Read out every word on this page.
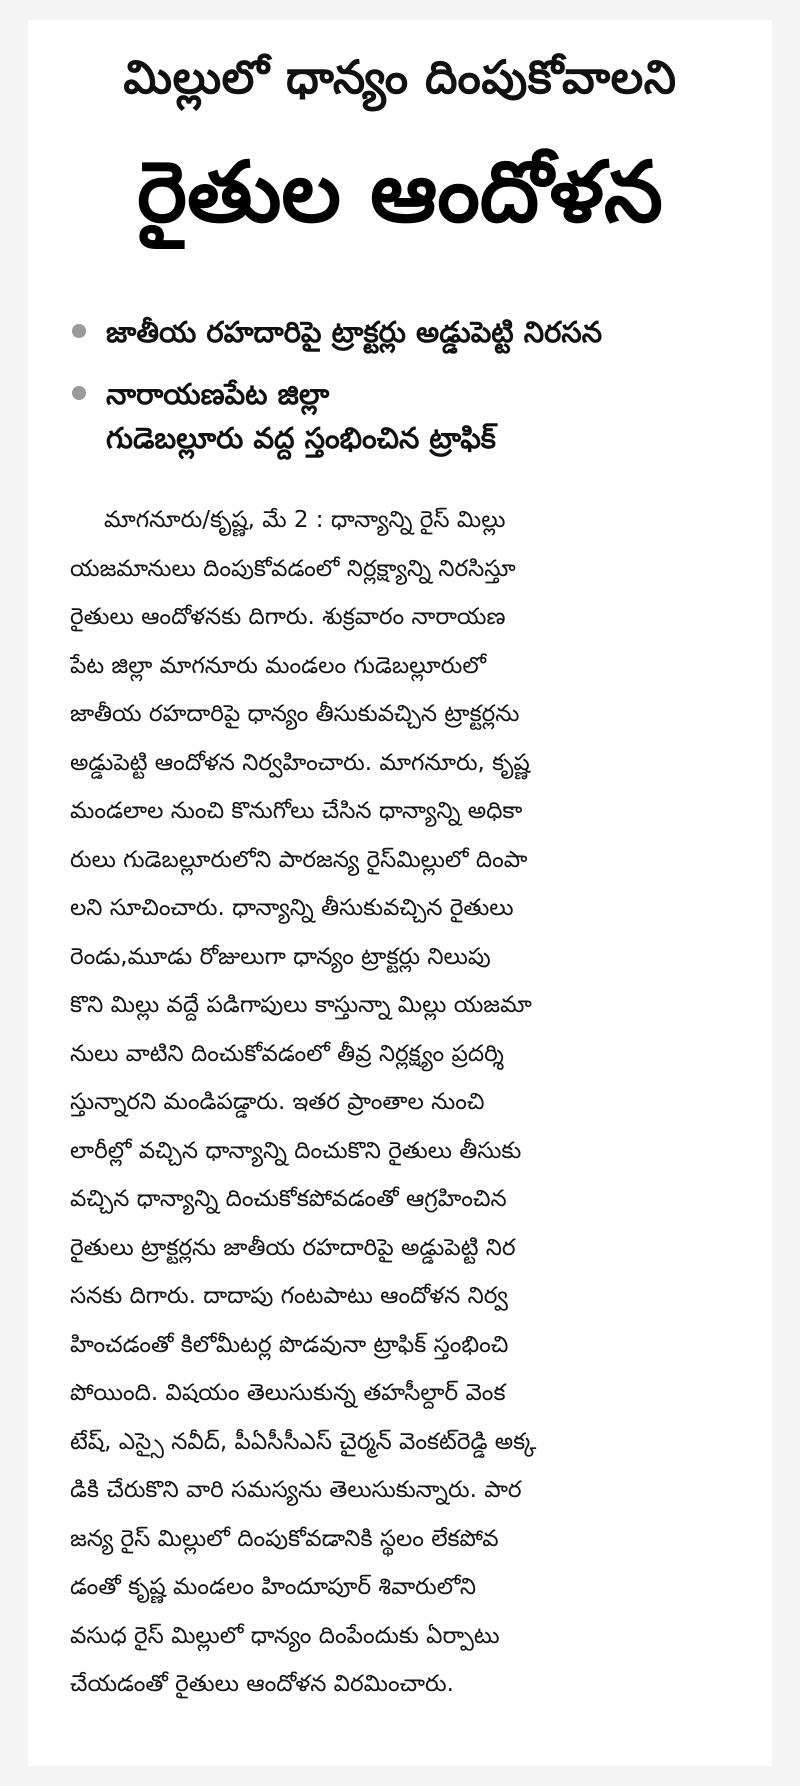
మిల్లులో ధాన్యం దింపుకోవాలని
రైతుల ఆందోళన
జాతీయ రహదారిపై ట్రాక్టర్లు అడ్డుపెట్టి నిరసన
నారాయణపేట జిల్లా
గుడెబల్లూరు వద్ద స్తంభించిన ట్రాఫిక్
మాగనూరు/కృష్ణ, మే 2 : ధాన్యాన్ని రైస్ మిల్లు
యజమానులు దింపుకోవడంలో నిర్లక్ష్యాన్ని నిరసిస్తూ
రైతులు ఆందోళనకు దిగారు. శుక్రవారం నారాయణ
పేట జిల్లా మాగనూరు మండలం గుడెబల్లూరులో
జాతీయ రహదారిపై ధాన్యం తీసుకువచ్చిన ట్రాక్టర్లను
అడ్డుపెట్టి ఆందోళన నిర్వహించారు. మాగనూరు, కృష్ణ
మండలాల నుంచి కొనుగోలు చేసిన ధాన్యాన్ని అధికా
రులు గుడెబల్లూరులోని పారజన్య రైస్‌మిల్లులో దింపా
లని సూచించారు. ధాన్యాన్ని తీసుకువచ్చిన రైతులు
రెండు,మూడు రోజులుగా ధాన్యం ట్రాక్టర్లు నిలుపు
కొని మిల్లు వద్దే పడిగాపులు కాస్తున్నా మిల్లు యజమా
నులు వాటిని దించుకోవడంలో తీవ్ర నిర్లక్ష్యం ప్రదర్శి
స్తున్నారని మండిపడ్డారు. ఇతర ప్రాంతాల నుంచి
లారీల్లో వచ్చిన ధాన్యాన్ని దించుకొని రైతులు తీసుకు
వచ్చిన ధాన్యాన్ని దించుకోకపోవడంతో ఆగ్రహించిన
రైతులు ట్రాక్టర్లను జాతీయ రహదారిపై అడ్డుపెట్టి నిర
సనకు దిగారు. దాదాపు గంటపాటు ఆందోళన నిర్వ
హించడంతో కిలోమీటర్ల పొడవునా ట్రాఫిక్ స్తంభించి
పోయింది. విషయం తెలుసుకున్న తహసీల్దార్ వెంక
టేష్, ఎస్సై నవీద్, పీఏసీసీఎస్ చైర్మన్ వెంకట్‌రెడ్డి అక్క
డికి చేరుకొని వారి సమస్యను తెలుసుకున్నారు. పార
జన్య రైస్ మిల్లులో దింపుకోవడానికి స్థలం లేకపోవ
డంతో కృష్ణ మండలం హిందూపూర్ శివారులోని
వసుధ రైస్ మిల్లులో ధాన్యం దింపేందుకు ఏర్పాటు
చేయడంతో రైతులు ఆందోళన విరమించారు.
